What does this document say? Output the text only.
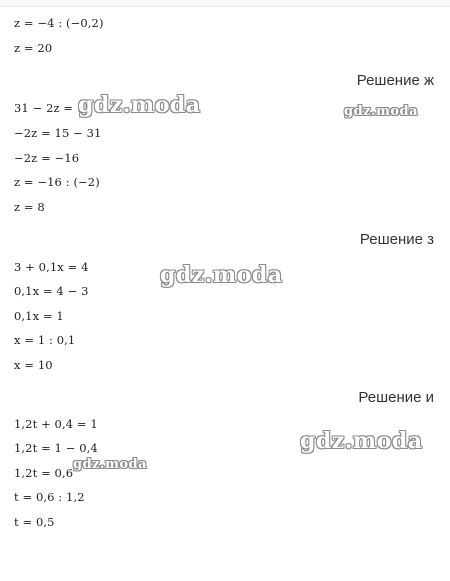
z = −4 : (−0,2)
z = 20
Решение ж
31 − 2z = 15
−2z = 15 − 31
−2z = −16
z = −16 : (−2)
z = 8
Решение з
3 + 0,1x = 4
0,1x = 4 − 3
0,1x = 1
x = 1 : 0,1
x = 10
Решение и
1,2t + 0,4 = 1
1,2t = 1 − 0,4
1,2t = 0,6
t = 0,6 : 1,2
t = 0,5
gdz.moda	gdz.moda
gdz.moda
gdz.moda
gdz.moda
